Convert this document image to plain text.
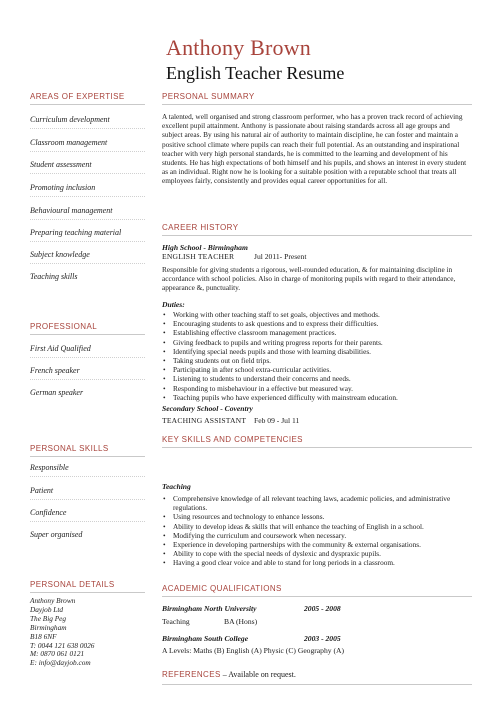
Anthony Brown
English Teacher Resume
AREAS OF EXPERTISE
Curriculum development
Classroom management
Student assessment
Promoting inclusion
Behavioural management
Preparing teaching material
Subject knowledge
Teaching skills
PROFESSIONAL
First Aid Qualified
French speaker
German speaker
PERSONAL SKILLS
Responsible
Patient
Confidence
Super organised
PERSONAL DETAILS
Anthony Brown
Dayjob Ltd
The Big Peg
Birmingham
B18 6NF
T: 0044 121 638 0026
M: 0870 061 0121
E: info@dayjob.com
PERSONAL SUMMARY
A talented, well organised and strong classroom performer, who has a proven track record of achieving excellent pupil attainment. Anthony is passionate about raising standards across all age groups and subject areas. By using his natural air of authority to maintain discipline, he can foster and maintain a positive school climate where pupils can reach their full potential. As an outstanding and inspirational teacher with very high personal standards, he is committed to the learning and development of his students. He has high expectations of both himself and his pupils, and shows an interest in every student as an individual. Right now he is looking for a suitable position with a reputable school that treats all employees fairly, consistently and provides equal career opportunities for all.
CAREER HISTORY
High School - Birmingham
ENGLISH TEACHER	Jul 2011- Present
Responsible for giving students a rigorous, well-rounded education, & for maintaining discipline in accordance with school policies. Also in charge of monitoring pupils with regard to their attendance, appearance &, punctuality.
Duties:
• Working with other teaching staff to set goals, objectives and methods.
• Encouraging students to ask questions and to express their difficulties.
• Establishing effective classroom management practices.
• Giving feedback to pupils and writing progress reports for their parents.
• Identifying special needs pupils and those with learning disabilities.
• Taking students out on field trips.
• Participating in after school extra-curricular activities.
• Listening to students to understand their concerns and needs.
• Responding to misbehaviour in a effective but measured way.
• Teaching pupils who have experienced difficulty with mainstream education.
Secondary School - Coventry
TEACHING ASSISTANT Feb 09 - Jul 11
KEY SKILLS AND COMPETENCIES
Teaching
• Comprehensive knowledge of all relevant teaching laws, academic policies, and administrative regulations.
• Using resources and technology to enhance lessons.
• Ability to develop ideas & skills that will enhance the teaching of English in a school.
• Modifying the curriculum and coursework when necessary.
• Experience in developing partnerships with the community & external organisations.
• Ability to cope with the special needs of dyslexic and dyspraxic pupils.
• Having a good clear voice and able to stand for long periods in a classroom.
ACADEMIC QUALIFICATIONS
Birmingham North University	2005 - 2008
Teaching	BA (Hons)
Birmingham South College	2003 - 2005
A Levels: Maths (B) English (A) Physic (C) Geography (A)
REFERENCES – Available on request.
